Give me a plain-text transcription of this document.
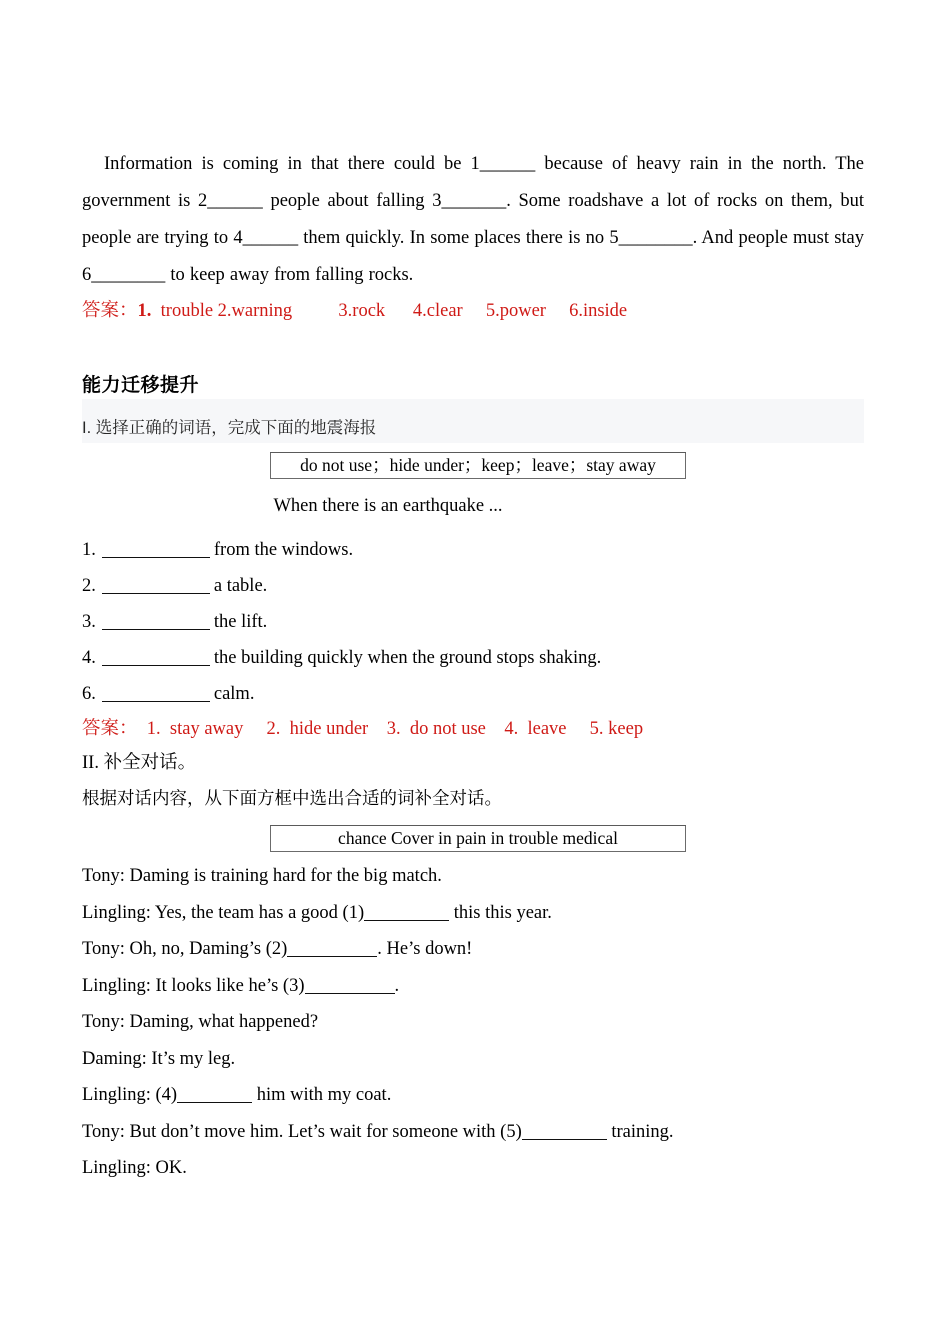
Information is coming in that there could be 1______ because of heavy rain in the north. The government is 2______ people about falling 3_______. Some roadshave a lot of rocks on them, but people are trying to 4______ them quickly. In some places there is no 5________. And people must stay 6________ to keep away from falling rocks.

答案：1.  trouble 2.warning          3.rock      4.clear     5.power     6.inside

能力迁移提升

I. 选择正确的词语，完成下面的地震海报

do not use；hide under；keep；leave；stay away

When there is an earthquake ...

1.	from the windows.
2.	a table.
3.	the lift.
4.	the building quickly when the ground stops shaking.
6.	calm.

答案：  1.  stay away     2.  hide under    3.  do not use    4.  leave     5. keep

II. 补全对话。

根据对话内容，从下面方框中选出合适的词补全对话。

chance Cover in pain in trouble medical

Tony: Daming is training hard for the big match.

Lingling: Yes, the team has a good (1)	this this year.

Tony: Oh, no, Daming’s (2)	. He’s down!

Lingling: It looks like he’s (3)	.

Tony: Daming, what happened?

Daming: It’s my leg.

Lingling: (4)	him with my coat.

Tony: But don’t move him. Let’s wait for someone with (5)	training.

Lingling: OK.
